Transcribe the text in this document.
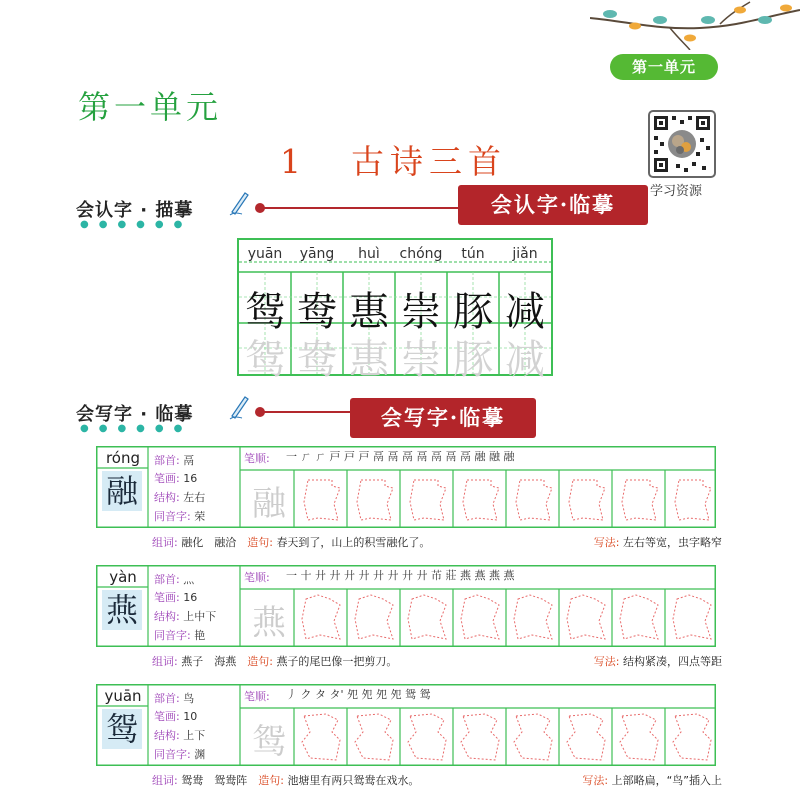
第一单元
第一单元
1 古诗三首
学习资源
会认字 · 描摹
●●●●●●
会认字·临摹
yuān	yāng	huì	chóng	tún	jiǎn
鸳 鸯 惠 崇 豚 减
鸳 鸯 惠 崇 豚 减
会写字 · 临摹
●●●●●●	会写字·临摹
róng
融
部首: 鬲
笔画: 16
结构: 左右
同音字: 荣
笔顺: 一 ㄏ ㄏ 戸 戸 戸 鬲 鬲 鬲 鬲 鬲 鬲 鬲 融 融 融
融
组词: 融化　融洽　 造句: 春天到了，山上的积雪融化了。	写法: 左右等宽，虫字略窄
yàn
燕
部首: 灬
笔画: 16
结构: 上中下
同音字: 艳
笔顺: 一 十 廾 廾 廾 廾 廾 廾 廾 廾 芇 莊 燕 燕 燕 燕
燕
组词: 燕子　海燕　 造句: 燕子的尾巴像一把剪刀。	写法: 结构紧凑，四点等距
yuān
鸳
部首: 鸟
笔画: 10
结构: 上下
同音字: 渊
笔顺: 丿 ク タ タ' 夗 夗 夗 夗 鸳 鸳
鸳
组词: 鸳鸯　鸳鸯阵　 造句: 池塘里有两只鸳鸯在戏水。	写法: 上部略扁，“鸟”插入上
